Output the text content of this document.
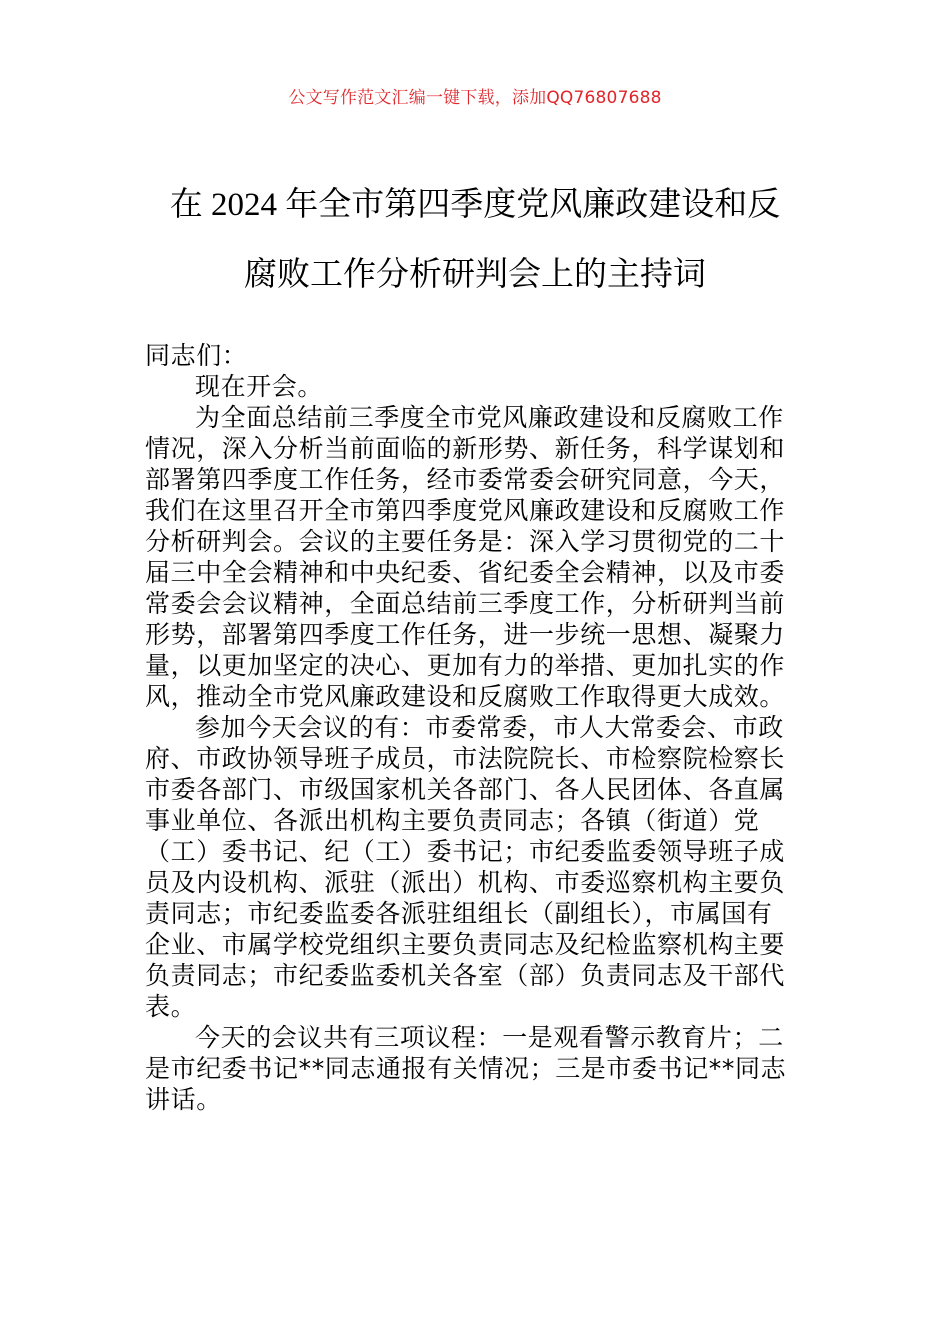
公文写作范文汇编一键下载，添加QQ76807688
在 2024 年全市第四季度党风廉政建设和反
腐败工作分析研判会上的主持词
同志们：
现在开会。
为全面总结前三季度全市党风廉政建设和反腐败工作
情况，深入分析当前面临的新形势、新任务，科学谋划和
部署第四季度工作任务，经市委常委会研究同意，今天，
我们在这里召开全市第四季度党风廉政建设和反腐败工作
分析研判会。会议的主要任务是：深入学习贯彻党的二十
届三中全会精神和中央纪委、省纪委全会精神，以及市委
常委会会议精神，全面总结前三季度工作，分析研判当前
形势，部署第四季度工作任务，进一步统一思想、凝聚力
量，以更加坚定的决心、更加有力的举措、更加扎实的作
风，推动全市党风廉政建设和反腐败工作取得更大成效。
参加今天会议的有：市委常委，市人大常委会、市政
府、市政协领导班子成员，市法院院长、市检察院检察长
市委各部门、市级国家机关各部门、各人民团体、各直属
事业单位、各派出机构主要负责同志；各镇（街道）党
（工）委书记、纪（工）委书记；市纪委监委领导班子成
员及内设机构、派驻（派出）机构、市委巡察机构主要负
责同志；市纪委监委各派驻组组长（副组长），市属国有
企业、市属学校党组织主要负责同志及纪检监察机构主要
负责同志；市纪委监委机关各室（部）负责同志及干部代
表。
今天的会议共有三项议程：一是观看警示教育片；二
是市纪委书记**同志通报有关情况；三是市委书记**同志
讲话。
